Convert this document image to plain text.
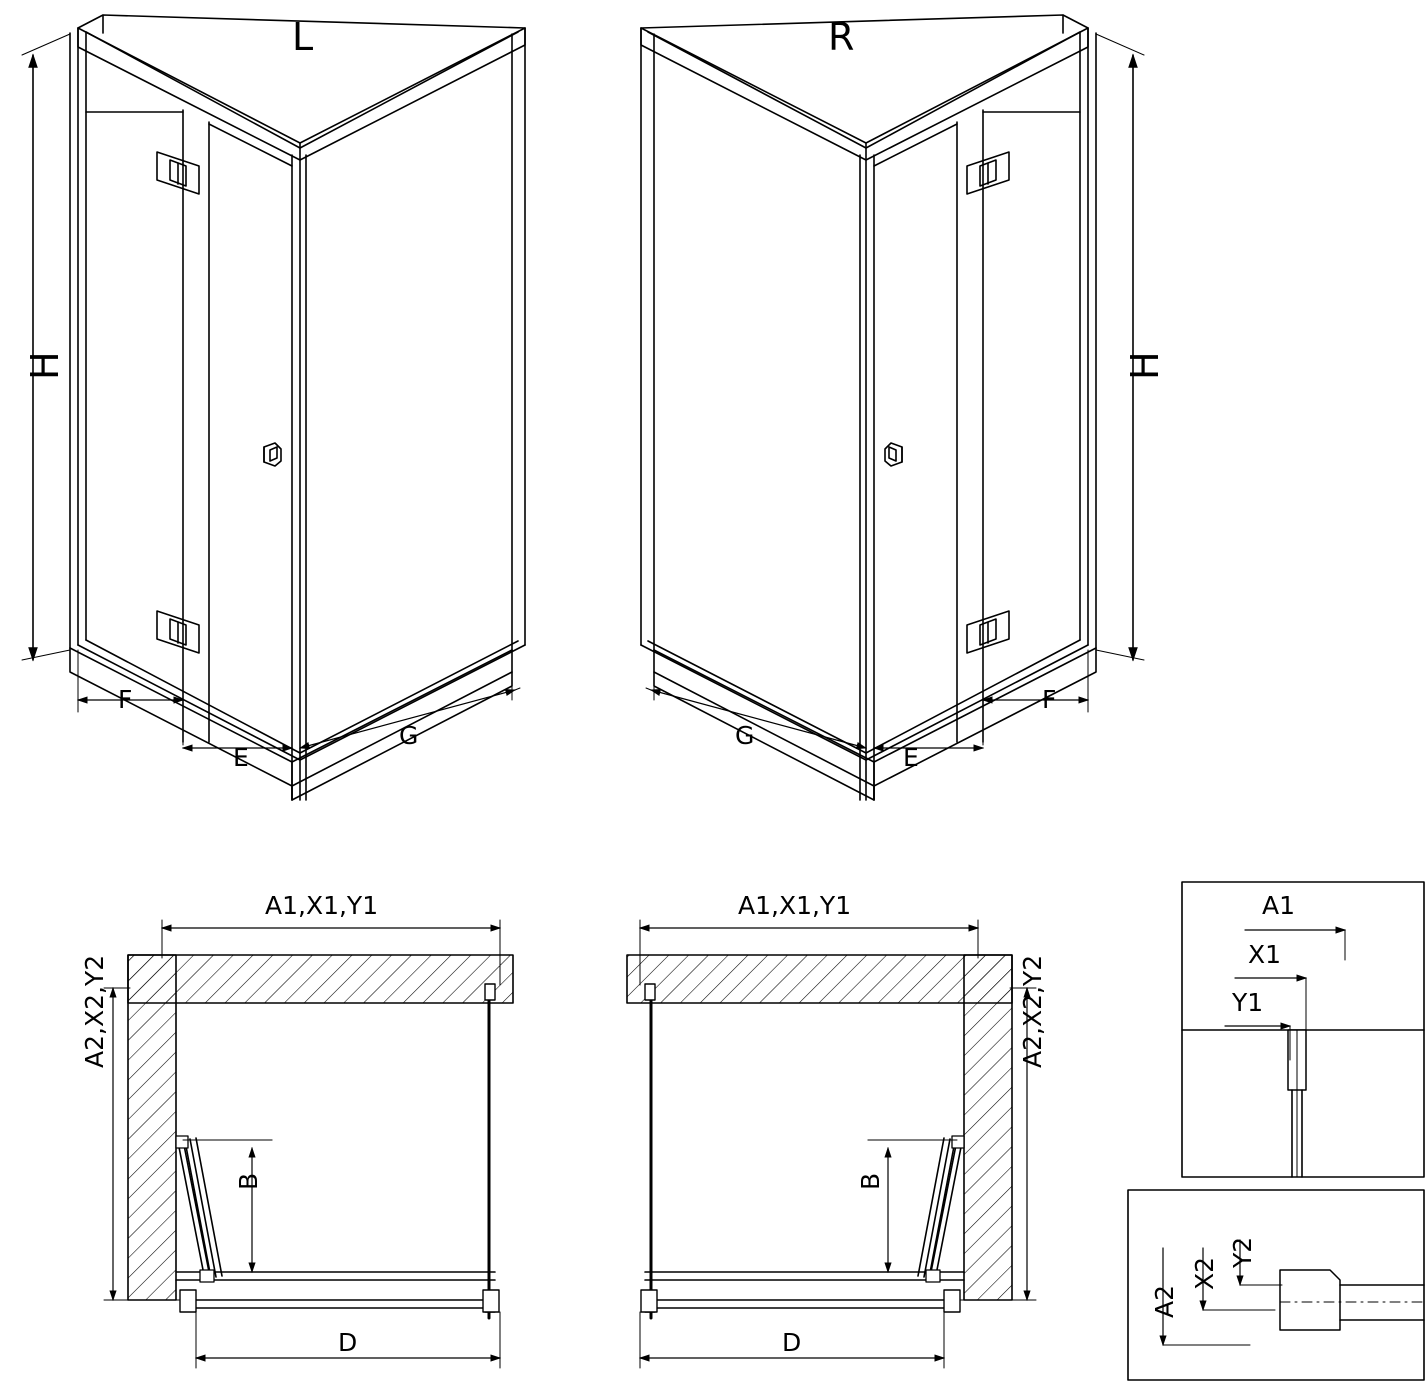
L	R
H	H
F
E
G
F
E
G
A1,X1,Y1
A2,X2,Y2
B
D
A1,X1,Y1
A2,X2,Y2
B
D
A1
X1
Y1
A2
X2
Y2
